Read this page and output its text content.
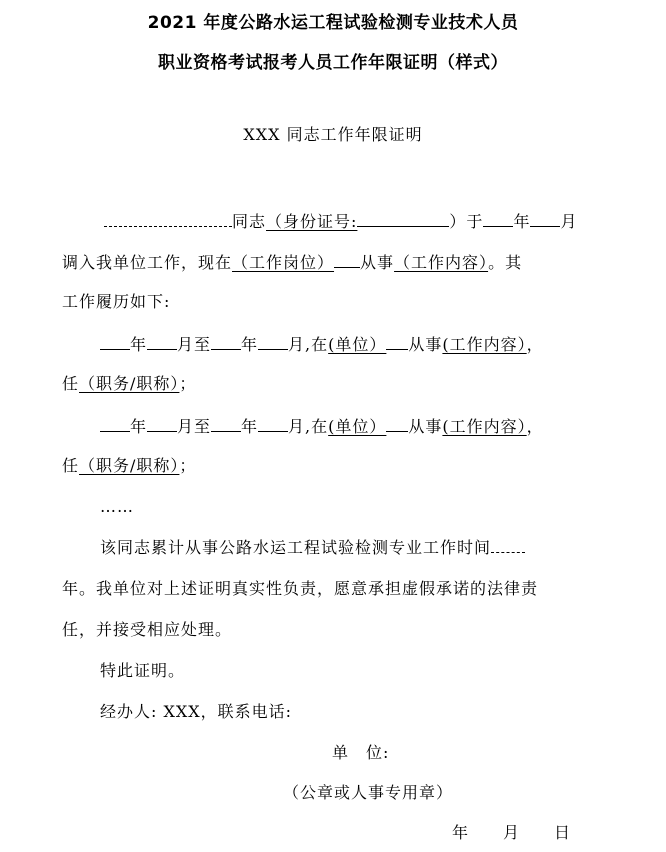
2021 年度公路水运工程试验检测专业技术人员
职业资格考试报考人员工作年限证明（样式）
XXX 同志工作年限证明
同志（身份证号:	）于 年 月
调入我单位工作，现在（工作岗位） 从事（工作内容）。其
工作履历如下:
年 月至 年 月,在(单位） 从事(工作内容），
任（职务/职称）；
年 月至 年 月,在(单位） 从事(工作内容），
任（职务/职称）；
……
该同志累计从事公路水运工程试验检测专业工作时间
年。我单位对上述证明真实性负责，愿意承担虚假承诺的法律责
任，并接受相应处理。
特此证明。
经办人: XXX，联系电话:
单　位:
（公章或人事专用章）
年　　月　　日
